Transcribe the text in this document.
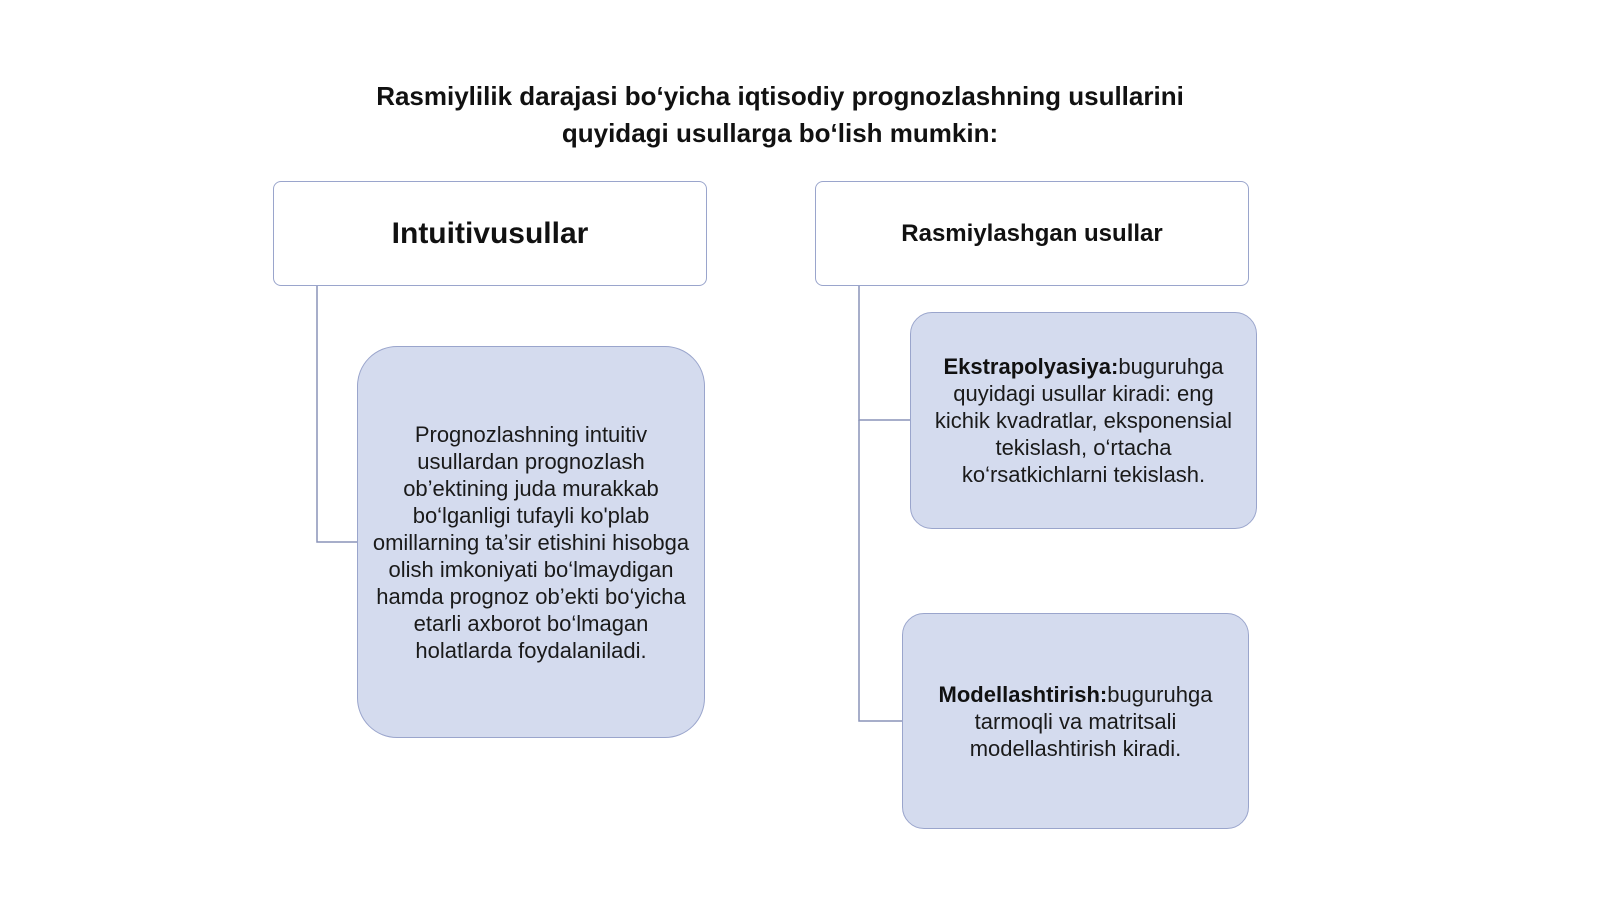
Rasmiylilik darajasi bo‘yicha iqtisodiy prognozlashning usullarini
quyidagi usullarga bo‘lish mumkin:
Intuitivusullar	Rasmiylashgan usullar
Prognozlashning intuitiv usullardan prognozlash ob’ektining juda murakkab bo‘lganligi tufayli ko'plab omillarning ta’sir etishini hisobga olish imkoniyati bo‘lmaydigan hamda prognoz ob’ekti bo‘yicha etarli axborot bo‘lmagan holatlarda foydalaniladi.
Ekstrapolyasiya:buguruhga quyidagi usullar kiradi: eng kichik kvadratlar, eksponensial tekislash, o‘rtacha ko‘rsatkichlarni tekislash.
Modellashtirish:buguruhga tarmoqli va matritsali modellashtirish kiradi.
